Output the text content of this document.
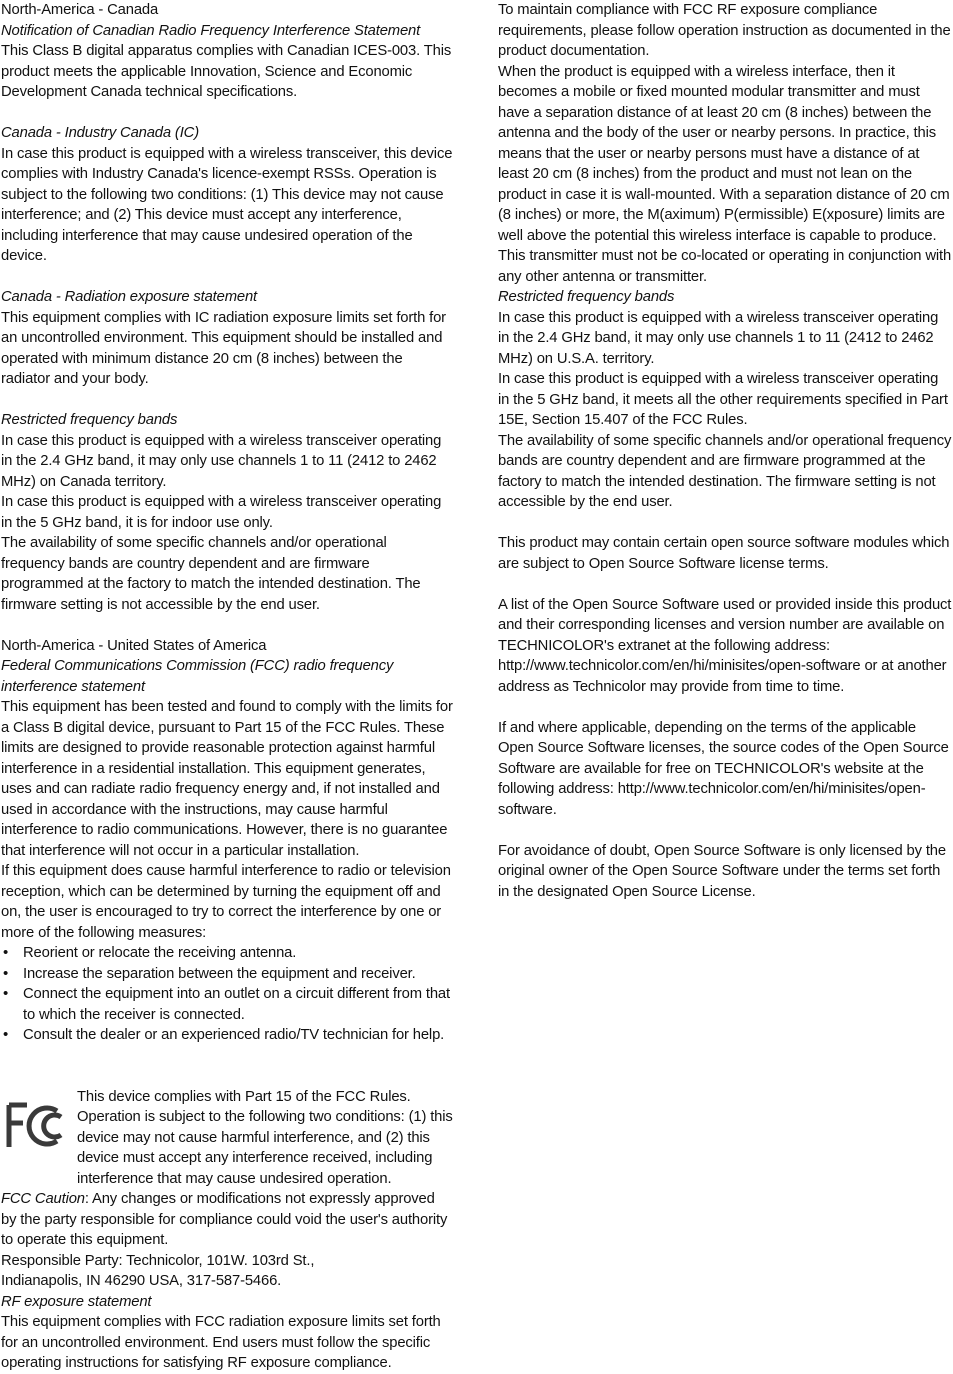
North-America - Canada

Notification of Canadian Radio Frequency Interference Statement

This Class B digital apparatus complies with Canadian ICES-003. This product meets the applicable Innovation, Science and Economic Development Canada technical specifications.

Canada - Industry Canada (IC)

In case this product is equipped with a wireless transceiver, this device complies with Industry Canada's licence-exempt RSSs. Operation is subject to the following two conditions: (1) This device may not cause interference; and (2) This device must accept any interference, including interference that may cause undesired operation of the device.

Canada - Radiation exposure statement

This equipment complies with IC radiation exposure limits set forth for an uncontrolled environment. This equipment should be installed and operated with minimum distance 20 cm (8 inches) between the radiator and your body.

Restricted frequency bands

In case this product is equipped with a wireless transceiver operating in the 2.4 GHz band, it may only use channels 1 to 11 (2412 to 2462 MHz) on Canada territory.

In case this product is equipped with a wireless transceiver operating in the 5 GHz band, it is for indoor use only.

The availability of some specific channels and/or operational frequency bands are country dependent and are firmware programmed at the factory to match the intended destination. The firmware setting is not accessible by the end user.

North-America - United States of America

Federal Communications Commission (FCC) radio frequency interference statement

This equipment has been tested and found to comply with the limits for a Class B digital device, pursuant to Part 15 of the FCC Rules. These limits are designed to provide reasonable protection against harmful interference in a residential installation. This equipment generates, uses and can radiate radio frequency energy and, if not installed and used in accordance with the instructions, may cause harmful interference to radio communications. However, there is no guarantee that interference will not occur in a particular installation.

If this equipment does cause harmful interference to radio or television reception, which can be determined by turning the equipment off and on, the user is encouraged to try to correct the interference by one or more of the following measures:

• Reorient or relocate the receiving antenna.
• Increase the separation between the equipment and receiver.
• Connect the equipment into an outlet on a circuit different from that to which the receiver is connected.
• Consult the dealer or an experienced radio/TV technician for help.

This device complies with Part 15 of the FCC Rules. Operation is subject to the following two conditions: (1) this device may not cause harmful interference, and (2) this device must accept any interference received, including interference that may cause undesired operation.

FCC Caution: Any changes or modifications not expressly approved by the party responsible for compliance could void the user's authority to operate this equipment.

Responsible Party: Technicolor, 101W. 103rd St.,

Indianapolis, IN 46290 USA, 317-587-5466.

RF exposure statement

This equipment complies with FCC radiation exposure limits set forth for an uncontrolled environment. End users must follow the specific operating instructions for satisfying RF exposure compliance.

To maintain compliance with FCC RF exposure compliance requirements, please follow operation instruction as documented in the product documentation.

When the product is equipped with a wireless interface, then it becomes a mobile or fixed mounted modular transmitter and must have a separation distance of at least 20 cm (8 inches) between the antenna and the body of the user or nearby persons. In practice, this means that the user or nearby persons must have a distance of at least 20 cm (8 inches) from the product and must not lean on the product in case it is wall-mounted. With a separation distance of 20 cm (8 inches) or more, the M(aximum) P(ermissible) E(xposure) limits are well above the potential this wireless interface is capable to produce.

This transmitter must not be co-located or operating in conjunction with any other antenna or transmitter.

Restricted frequency bands

In case this product is equipped with a wireless transceiver operating in the 2.4 GHz band, it may only use channels 1 to 11 (2412 to 2462 MHz) on U.S.A. territory.

In case this product is equipped with a wireless transceiver operating in the 5 GHz band, it meets all the other requirements specified in Part 15E, Section 15.407 of the FCC Rules.

The availability of some specific channels and/or operational frequency bands are country dependent and are firmware programmed at the factory to match the intended destination. The firmware setting is not accessible by the end user.

This product may contain certain open source software modules which are subject to Open Source Software license terms.

A list of the Open Source Software used or provided inside this product and their corresponding licenses and version number are available on TECHNICOLOR's extranet at the following address: http://www.technicolor.com/en/hi/minisites/open-software or at another address as Technicolor may provide from time to time.

If and where applicable, depending on the terms of the applicable Open Source Software licenses, the source codes of the Open Source Software are available for free on TECHNICOLOR's website at the following address: http://www.technicolor.com/en/hi/minisites/open-software.

For avoidance of doubt, Open Source Software is only licensed by the original owner of the Open Source Software under the terms set forth in the designated Open Source License.
